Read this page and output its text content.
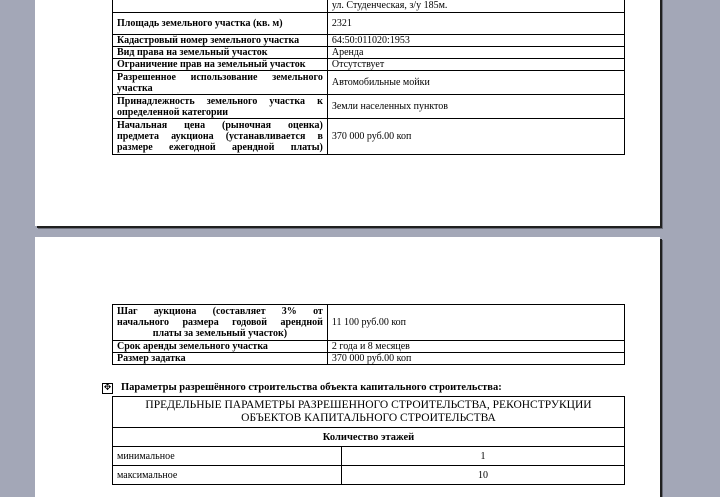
	ул. Студенческая, з/у 185м.
Площадь земельного участка (кв. м)	2321
Кадастровый номер земельного участка	64:50:011020:1953
Вид права на земельный участок	Аренда
Ограничение прав на земельный участок	Отсутствует

Разрешенное использование земельного
участка	Автомобильные мойки

Принадлежность земельного участка к
определенной категории	Земли населенных пунктов

Начальная цена (рыночная оценка)
предмета аукциона (устанавливается в
размере ежегодной арендной платы)	370 000 руб.00 коп
Шаг аукциона (составляет 3% от
начального размера годовой арендной
платы за земельный участок)	11 100 руб.00 коп
Срок аренды земельного участка	2 года и 8 месяцев
Размер задатка	370 000 руб.00 коп
✥ Параметры разрешённого строительства объекта капитального строительства:
ПРЕДЕЛЬНЫЕ ПАРАМЕТРЫ РАЗРЕШЕННОГО СТРОИТЕЛЬСТВА, РЕКОНСТРУКЦИИ
ОБЪЕКТОВ КАПИТАЛЬНОГО СТРОИТЕЛЬСТВА	

Количество этажей	
минимальное	1
максимальное	10
